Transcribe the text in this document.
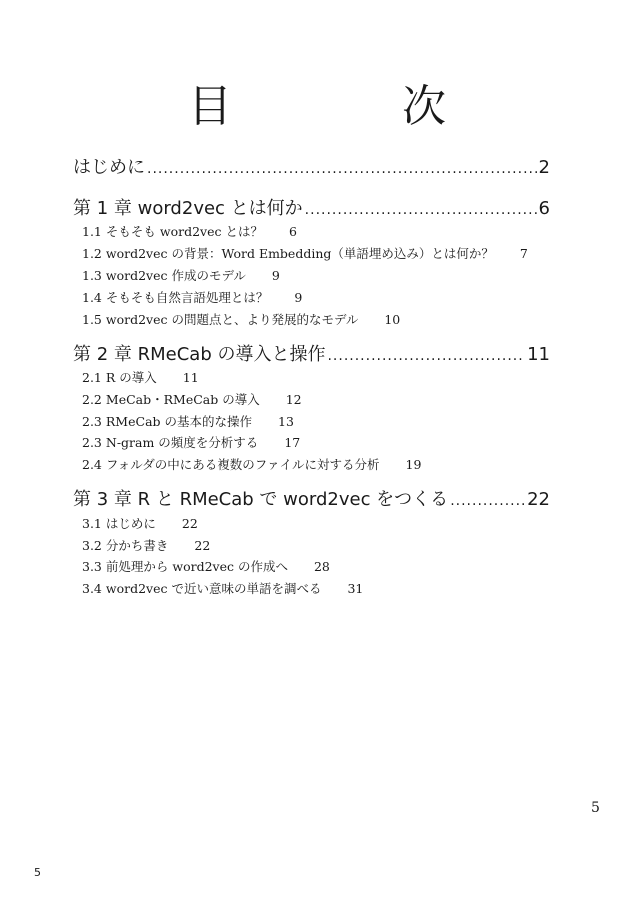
目	次
はじめに .....	2
第 1 章 word2vec とは何か .....	6
1.1 そもそも word2vec とは？ 6
1.2 word2vec の背景：Word Embedding（単語埋め込み）とは何か？ 7
1.3 word2vec 作成のモデル 9
1.4 そもそも自然言語処理とは？ 9
1.5 word2vec の問題点と、より発展的なモデル 10
第 2 章 RMeCab の導入と操作 .....	11
2.1 R の導入 11
2.2 MeCab・RMeCab の導入 12
2.3 RMeCab の基本的な操作 13
2.3 N-gram の頻度を分析する 17
2.4 フォルダの中にある複数のファイルに対する分析 19
第 3 章 R と RMeCab で word2vec をつくる .....	22
3.1 はじめに 22
3.2 分かち書き 22
3.3 前処理から word2vec の作成へ 28
3.4 word2vec で近い意味の単語を調べる 31
5
5
